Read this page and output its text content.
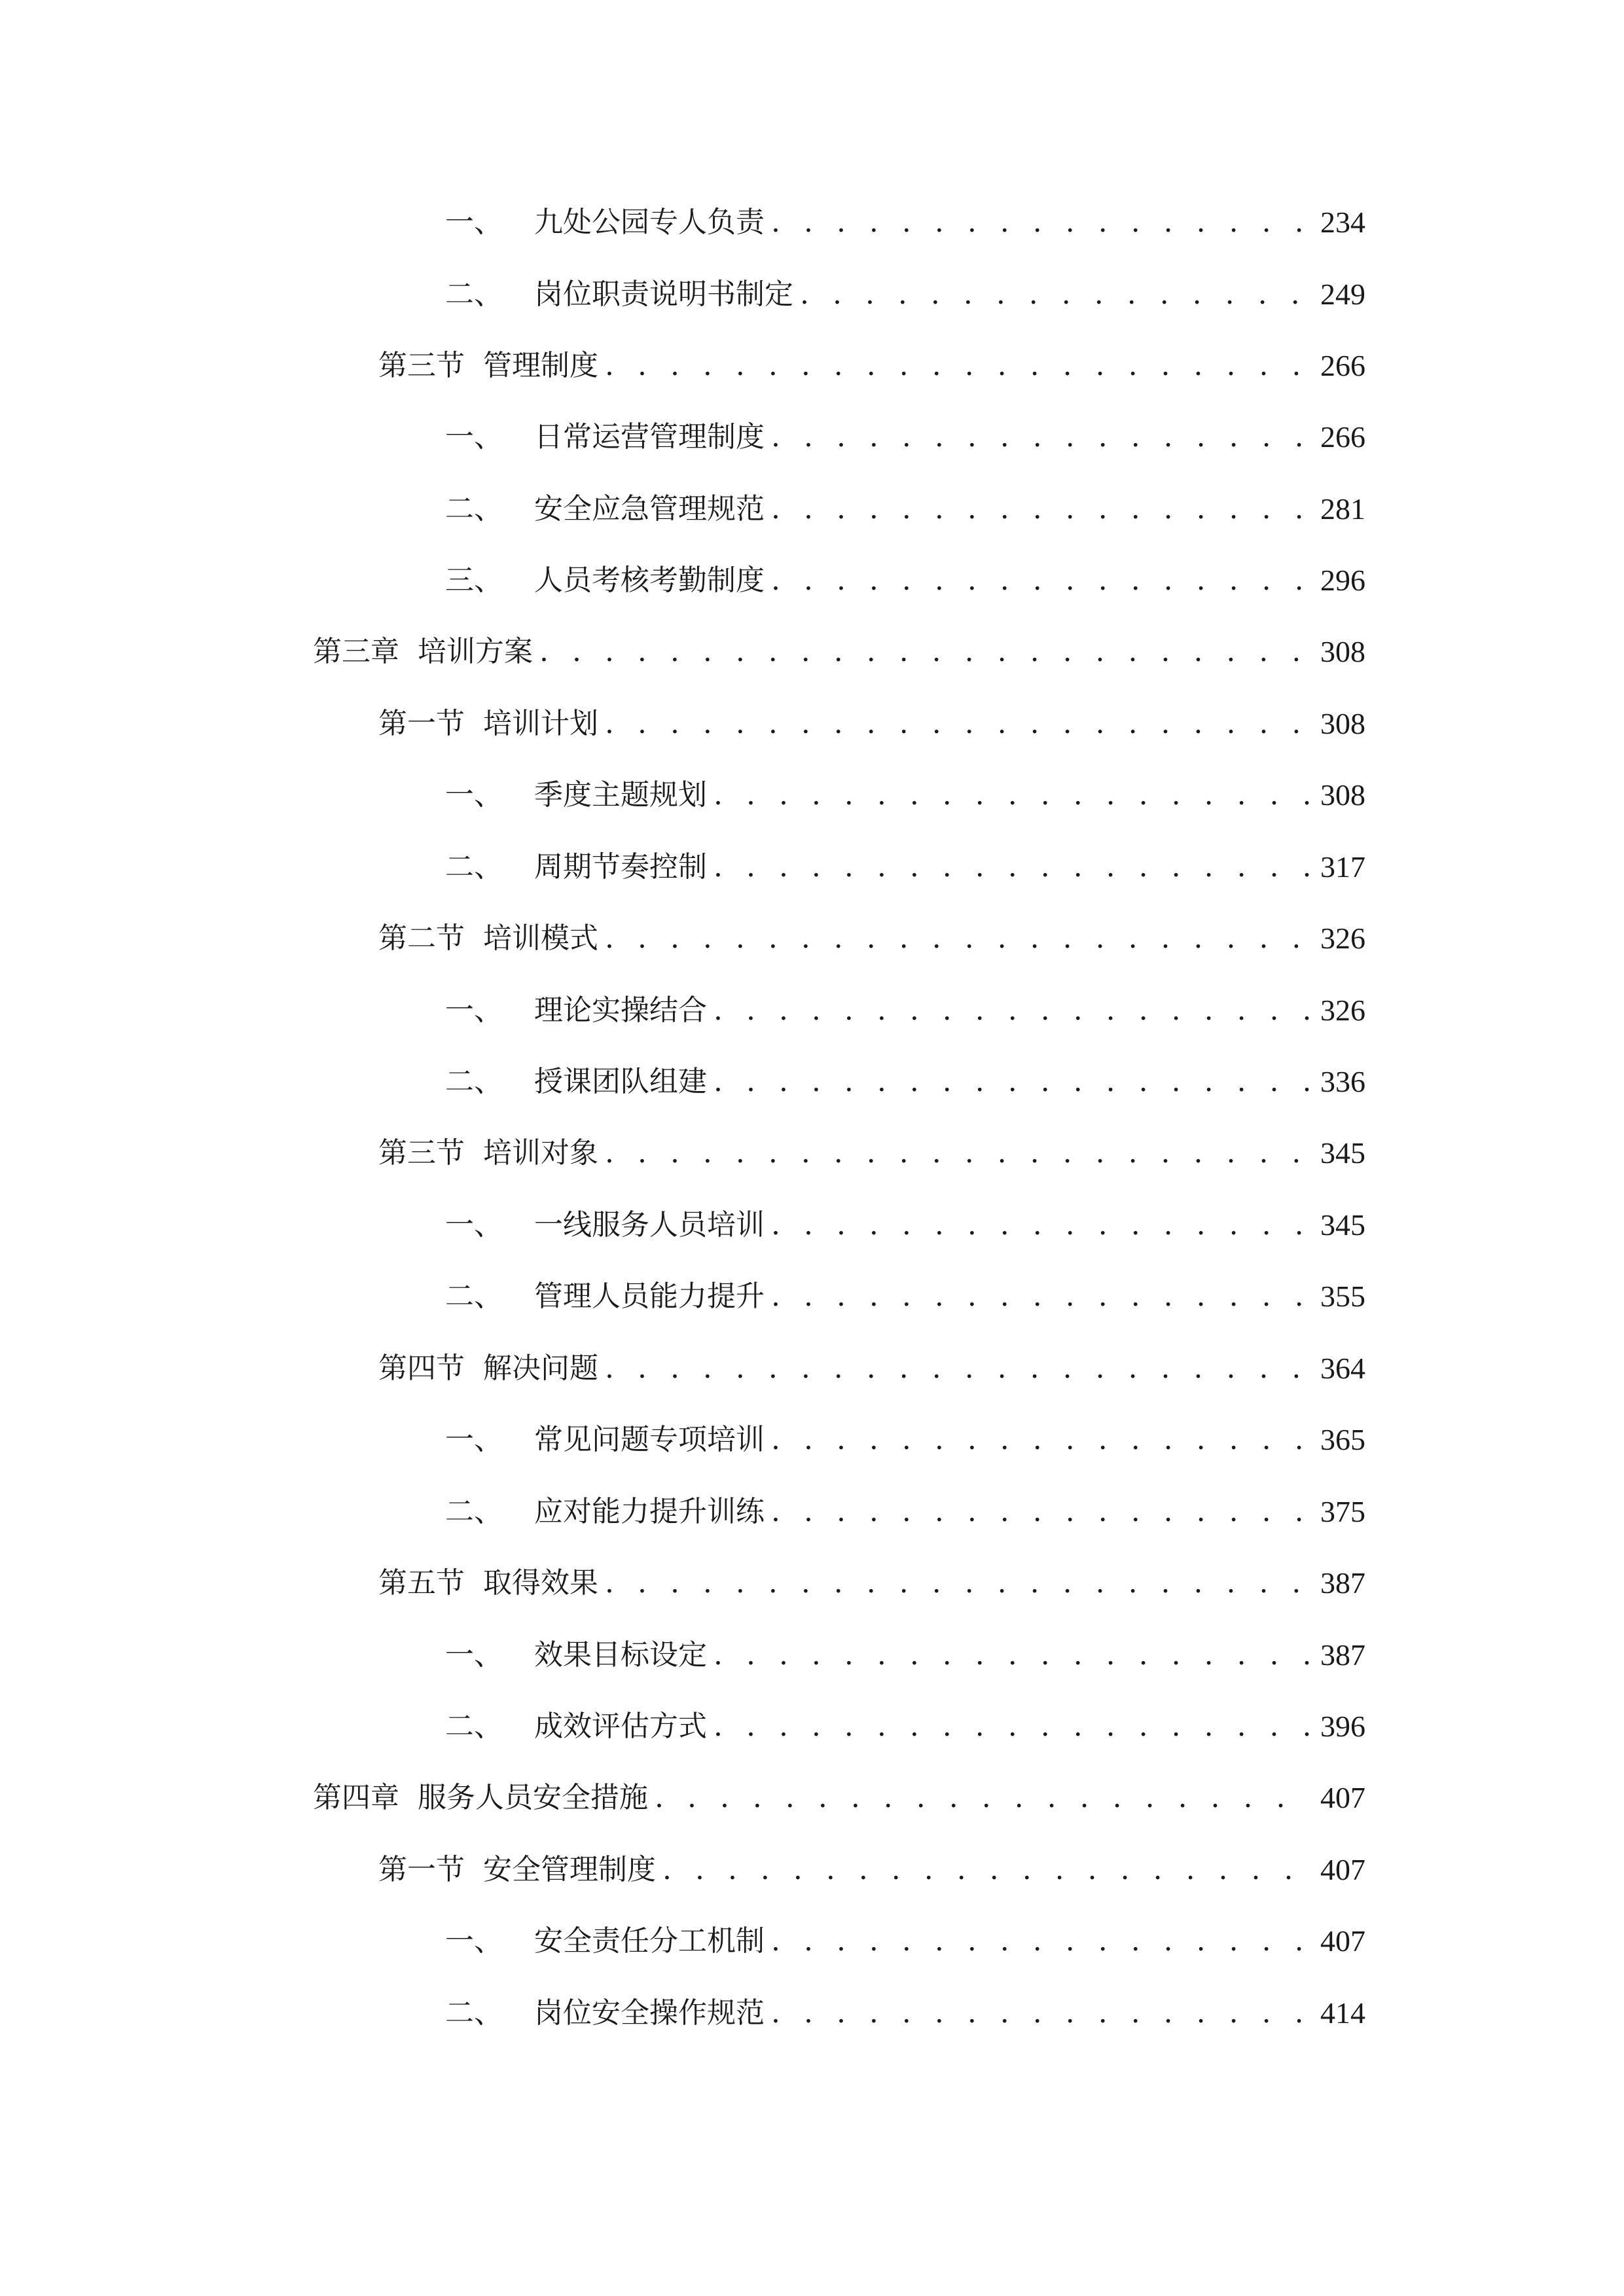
一、 九处公园专人负责 . . .	234
二、 岗位职责说明书制定 . . .	249
第三节 管理制度 . . .	266
一、 日常运营管理制度 . . .	266
二、 安全应急管理规范 . . .	281
三、 人员考核考勤制度 . . .	296
第三章 培训方案 . . .	308
第一节 培训计划 . . .	308
一、 季度主题规划 . . .	308
二、 周期节奏控制 . . .	317
第二节 培训模式 . . .	326
一、 理论实操结合 . . .	326
二、 授课团队组建 . . .	336
第三节 培训对象 . . .	345
一、 一线服务人员培训 . . .	345
二、 管理人员能力提升 . . .	355
第四节 解决问题 . . .	364
一、 常见问题专项培训 . . .	365
二、 应对能力提升训练 . . .	375
第五节 取得效果 . . .	387
一、 效果目标设定 . . .	387
二、 成效评估方式 . . .	396
第四章 服务人员安全措施 . . .	407
第一节 安全管理制度 . . .	407
一、 安全责任分工机制 . . .	407
二、 岗位安全操作规范 . . .	414
